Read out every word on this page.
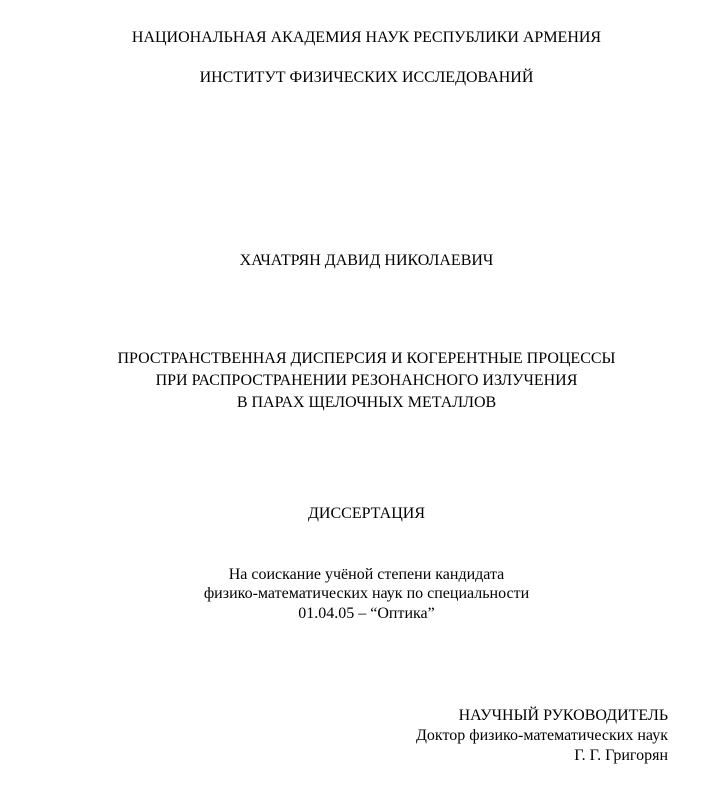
НАЦИОНАЛЬНАЯ АКАДЕМИЯ НАУК РЕСПУБЛИКИ АРМЕНИЯ
ИНСТИТУТ ФИЗИЧЕСКИХ ИССЛЕДОВАНИЙ
ХАЧАТРЯН ДАВИД НИКОЛАЕВИЧ
ПРОСТРАНСТВЕННАЯ ДИСПЕРСИЯ И КОГЕРЕНТНЫЕ ПРОЦЕССЫ
ПРИ РАСПРОСТРАНЕНИИ РЕЗОНАНСНОГО ИЗЛУЧЕНИЯ
В ПАРАХ ЩЕЛОЧНЫХ МЕТАЛЛОВ
ДИССЕРТАЦИЯ
На соискание учёной степени кандидата
физико-математических наук по специальности
01.04.05 – “Оптика”
НАУЧНЫЙ РУКОВОДИТЕЛЬ
Доктор физико-математических наук
Г. Г. Григорян
